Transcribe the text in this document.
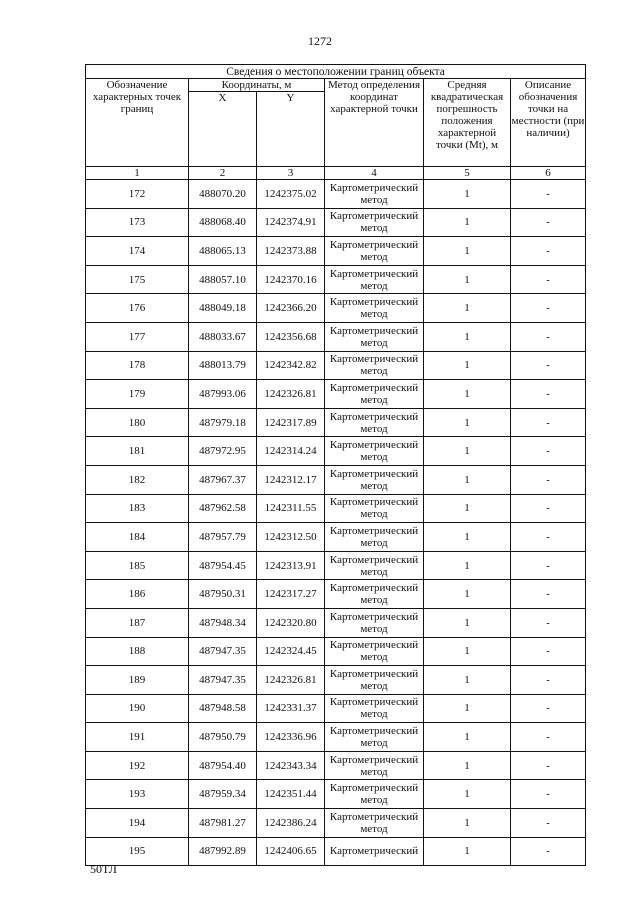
1272
Сведения о местоположении границ объекта					
Обозначение характерных точек границ	Координаты, м		Метод определения координат характерной точки	Средняя квадратическая погрешность положения характерной точки (Mt), м	Описание обозначения точки на местности (при наличии)
	X	Y			

1	2	3	4	5	6
172	488070.20	1242375.02	Картометрический метод	1	-
173	488068.40	1242374.91	Картометрический метод	1	-
174	488065.13	1242373.88	Картометрический метод	1	-
175	488057.10	1242370.16	Картометрический метод	1	-
176	488049.18	1242366.20	Картометрический метод	1	-
177	488033.67	1242356.68	Картометрический метод	1	-
178	488013.79	1242342.82	Картометрический метод	1	-
179	487993.06	1242326.81	Картометрический метод	1	-
180	487979.18	1242317.89	Картометрический метод	1	-
181	487972.95	1242314.24	Картометрический метод	1	-
182	487967.37	1242312.17	Картометрический метод	1	-
183	487962.58	1242311.55	Картометрический метод	1	-
184	487957.79	1242312.50	Картометрический метод	1	-
185	487954.45	1242313.91	Картометрический метод	1	-
186	487950.31	1242317.27	Картометрический метод	1	-
187	487948.34	1242320.80	Картометрический метод	1	-
188	487947.35	1242324.45	Картометрический метод	1	-
189	487947.35	1242326.81	Картометрический метод	1	-
190	487948.58	1242331.37	Картометрический метод	1	-
191	487950.79	1242336.96	Картометрический метод	1	-
192	487954.40	1242343.34	Картометрический метод	1	-
193	487959.34	1242351.44	Картометрический метод	1	-
194	487981.27	1242386.24	Картометрический метод	1	-
195	487992.89	1242406.65	Картометрический	1	-
50ТЛ
